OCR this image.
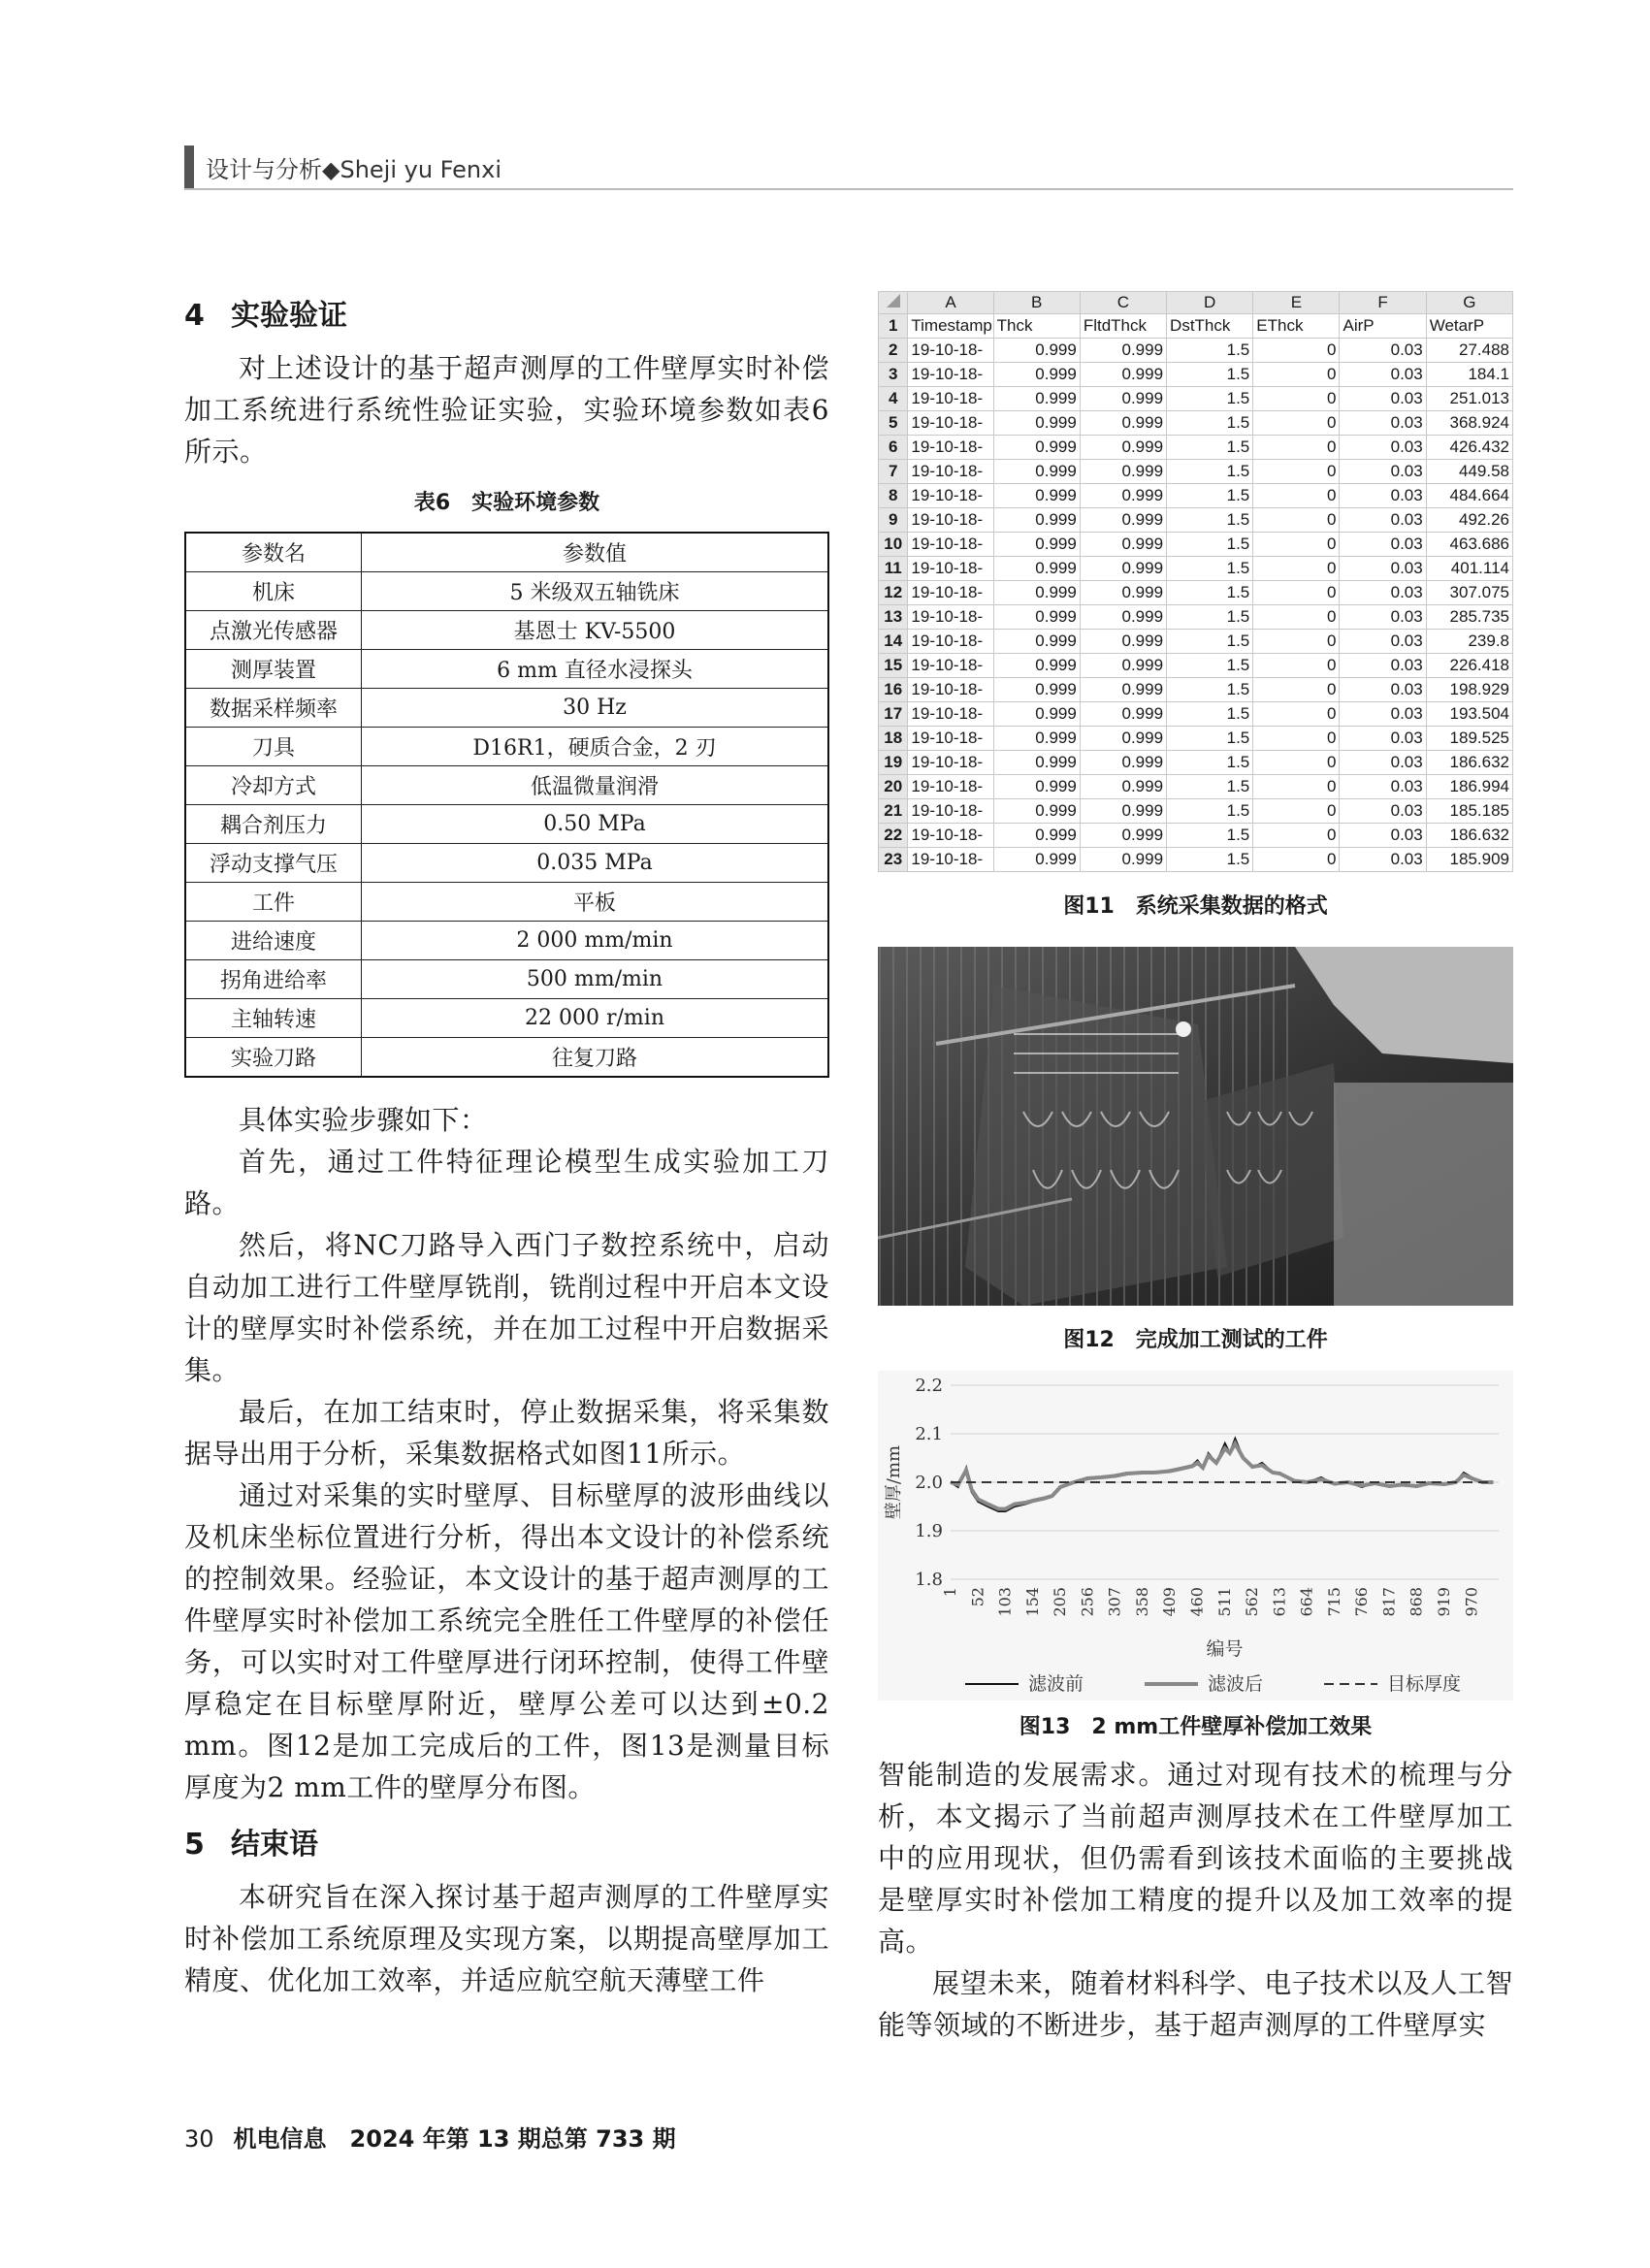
设计与分析◆Sheji yu Fenxi
4 实验验证

对上述设计的基于超声测厚的工件壁厚实时补偿加工系统进行系统性验证实验，实验环境参数如表6所示。

表6　实验环境参数
参数名	参数值
机床	5 米级双五轴铣床
点激光传感器	基恩士 KV-5500
测厚装置	6 mm 直径水浸探头
数据采样频率	30 Hz
刀具	D16R1，硬质合金，2 刃
冷却方式	低温微量润滑
耦合剂压力	0.50 MPa
浮动支撑气压	0.035 MPa
工件	平板
进给速度	2 000 mm/min
拐角进给率	500 mm/min
主轴转速	22 000 r/min
实验刀路	往复刀路

具体实验步骤如下：

首先，通过工件特征理论模型生成实验加工刀路。

然后，将NC刀路导入西门子数控系统中，启动自动加工进行工件壁厚铣削，铣削过程中开启本文设计的壁厚实时补偿系统，并在加工过程中开启数据采集。

最后，在加工结束时，停止数据采集，将采集数据导出用于分析，采集数据格式如图11所示。

通过对采集的实时壁厚、目标壁厚的波形曲线以及机床坐标位置进行分析，得出本文设计的补偿系统的控制效果。经验证，本文设计的基于超声测厚的工件壁厚实时补偿加工系统完全胜任工件壁厚的补偿任务，可以实时对工件壁厚进行闭环控制，使得工件壁厚稳定在目标壁厚附近，壁厚公差可以达到±0.2 mm。图12是加工完成后的工件，图13是测量目标厚度为2 mm工件的壁厚分布图。

5 结束语

本研究旨在深入探讨基于超声测厚的工件壁厚实时补偿加工系统原理及实现方案，以期提高壁厚加工精度、优化加工效率，并适应航空航天薄壁工件

	A	B	C	D	E	F	G
1	Timestamp	Thck	FltdThck	DstThck	EThck	AirP	WetarP
2	19-10-18-	0.999	0.999	1.5	0	0.03	27.488
3	19-10-18-	0.999	0.999	1.5	0	0.03	184.1
4	19-10-18-	0.999	0.999	1.5	0	0.03	251.013
5	19-10-18-	0.999	0.999	1.5	0	0.03	368.924
6	19-10-18-	0.999	0.999	1.5	0	0.03	426.432
7	19-10-18-	0.999	0.999	1.5	0	0.03	449.58
8	19-10-18-	0.999	0.999	1.5	0	0.03	484.664
9	19-10-18-	0.999	0.999	1.5	0	0.03	492.26
10	19-10-18-	0.999	0.999	1.5	0	0.03	463.686
11	19-10-18-	0.999	0.999	1.5	0	0.03	401.114
12	19-10-18-	0.999	0.999	1.5	0	0.03	307.075
13	19-10-18-	0.999	0.999	1.5	0	0.03	285.735
14	19-10-18-	0.999	0.999	1.5	0	0.03	239.8
15	19-10-18-	0.999	0.999	1.5	0	0.03	226.418
16	19-10-18-	0.999	0.999	1.5	0	0.03	198.929
17	19-10-18-	0.999	0.999	1.5	0	0.03	193.504
18	19-10-18-	0.999	0.999	1.5	0	0.03	189.525
19	19-10-18-	0.999	0.999	1.5	0	0.03	186.632
20	19-10-18-	0.999	0.999	1.5	0	0.03	186.994
21	19-10-18-	0.999	0.999	1.5	0	0.03	185.185
22	19-10-18-	0.999	0.999	1.5	0	0.03	186.632
23	19-10-18-	0.999	0.999	1.5	0	0.03	185.909
图11　系统采集数据的格式
图12　完成加工测试的工件
1.8
1.9
2.0
2.1
2.2
1 52 103 154 205 256 307 358 409 460 511 562 613 664 715 766 817 868 919 970
壁厚/mm
编号
滤波前	滤波后	目标厚度
图13　2 mm工件壁厚补偿加工效果

智能制造的发展需求。通过对现有技术的梳理与分析，本文揭示了当前超声测厚技术在工件壁厚加工中的应用现状，但仍需看到该技术面临的主要挑战是壁厚实时补偿加工精度的提升以及加工效率的提高。

展望未来，随着材料科学、电子技术以及人工智能等领域的不断进步，基于超声测厚的工件壁厚实

30 机电信息　2024 年第 13 期总第 733 期
